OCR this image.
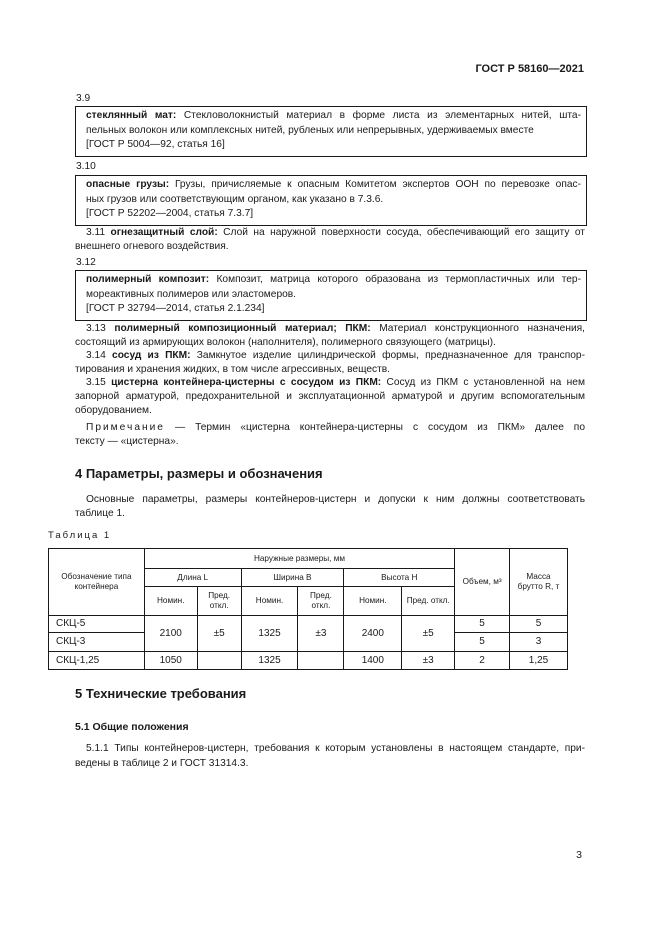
ГОСТ Р 58160—2021
3.9
стеклянный мат: Стекловолокнистый материал в форме листа из элементарных нитей, шта-
пельных волокон или комплексных нитей, рубленых или непрерывных, удерживаемых вместе
[ГОСТ Р 5004—92, статья 16]
3.10
опасные грузы: Грузы, причисляемые к опасным Комитетом экспертов ООН по перевозке опас-
ных грузов или соответствующим органом, как указано в 7.3.6.
[ГОСТ Р 52202—2004, статья 7.3.7]
3.11 огнезащитный слой: Слой на наружной поверхности сосуда, обеспечивающий его защиту от
внешнего огневого воздействия.
3.12
полимерный композит: Композит, матрица которого образована из термопластичных или тер-
мореактивных полимеров или эластомеров.
[ГОСТ Р 32794—2014, статья 2.1.234]
3.13 полимерный композиционный материал; ПКМ: Материал конструкционного назначения,
состоящий из армирующих волокон (наполнителя), полимерного связующего (матрицы).
3.14 сосуд из ПКМ: Замкнутое изделие цилиндрической формы, предназначенное для транспор-
тирования и хранения жидких, в том числе агрессивных, веществ.
3.15 цистерна контейнера-цистерны с сосудом из ПКМ: Сосуд из ПКМ с установленной на нем
запорной арматурой, предохранительной и эксплуатационной арматурой и другим вспомогательным
оборудованием.
Примечание — Термин «цистерна контейнера-цистерны с сосудом из ПКМ» далее по
тексту — «цистерна».
4 Параметры, размеры и обозначения
Основные параметры, размеры контейнеров-цистерн и допуски к ним должны соответствовать
таблице 1.
Таблица 1
Обозначение типа контейнера	Наружные размеры, мм						Объем, м³	Масса брутто R, т
	Длина L		Ширина B		Высота H			
	Номин.	Пред. откл.	Номин.	Пред. откл.	Номин.	Пред. откл.		
СКЦ-5	2100	±5	1325	±3	2400	±5	5	5
СКЦ-3							5	3
СКЦ-1,25	1050		1325		1400	±3	2	1,25
5 Технические требования
5.1 Общие положения
5.1.1 Типы контейнеров-цистерн, требования к которым установлены в настоящем стандарте, при-
ведены в таблице 2 и ГОСТ 31314.3.
3
